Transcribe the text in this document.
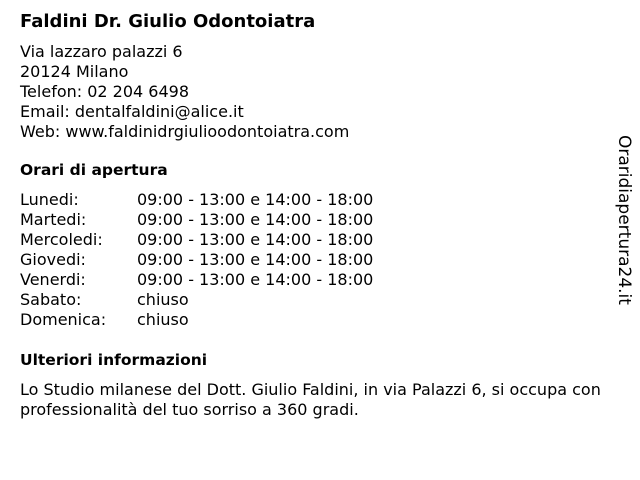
Faldini Dr. Giulio Odontoiatra
Via lazzaro palazzi 6
20124 Milano
Telefon: 02 204 6498
Email: dentalfaldini@alice.it
Web: www.faldinidrgiulioodontoiatra.com
Orari di apertura
Lunedi:	09:00 - 13:00 e 14:00 - 18:00
Martedi:	09:00 - 13:00 e 14:00 - 18:00
Mercoledi:	09:00 - 13:00 e 14:00 - 18:00
Giovedi:	09:00 - 13:00 e 14:00 - 18:00
Venerdi:	09:00 - 13:00 e 14:00 - 18:00
Sabato:	chiuso
Domenica:	chiuso
Ulteriori informazioni
Lo Studio milanese del Dott. Giulio Faldini, in via Palazzi 6, si occupa con professionalità del tuo sorriso a 360 gradi.
Oraridiapertura24.it
